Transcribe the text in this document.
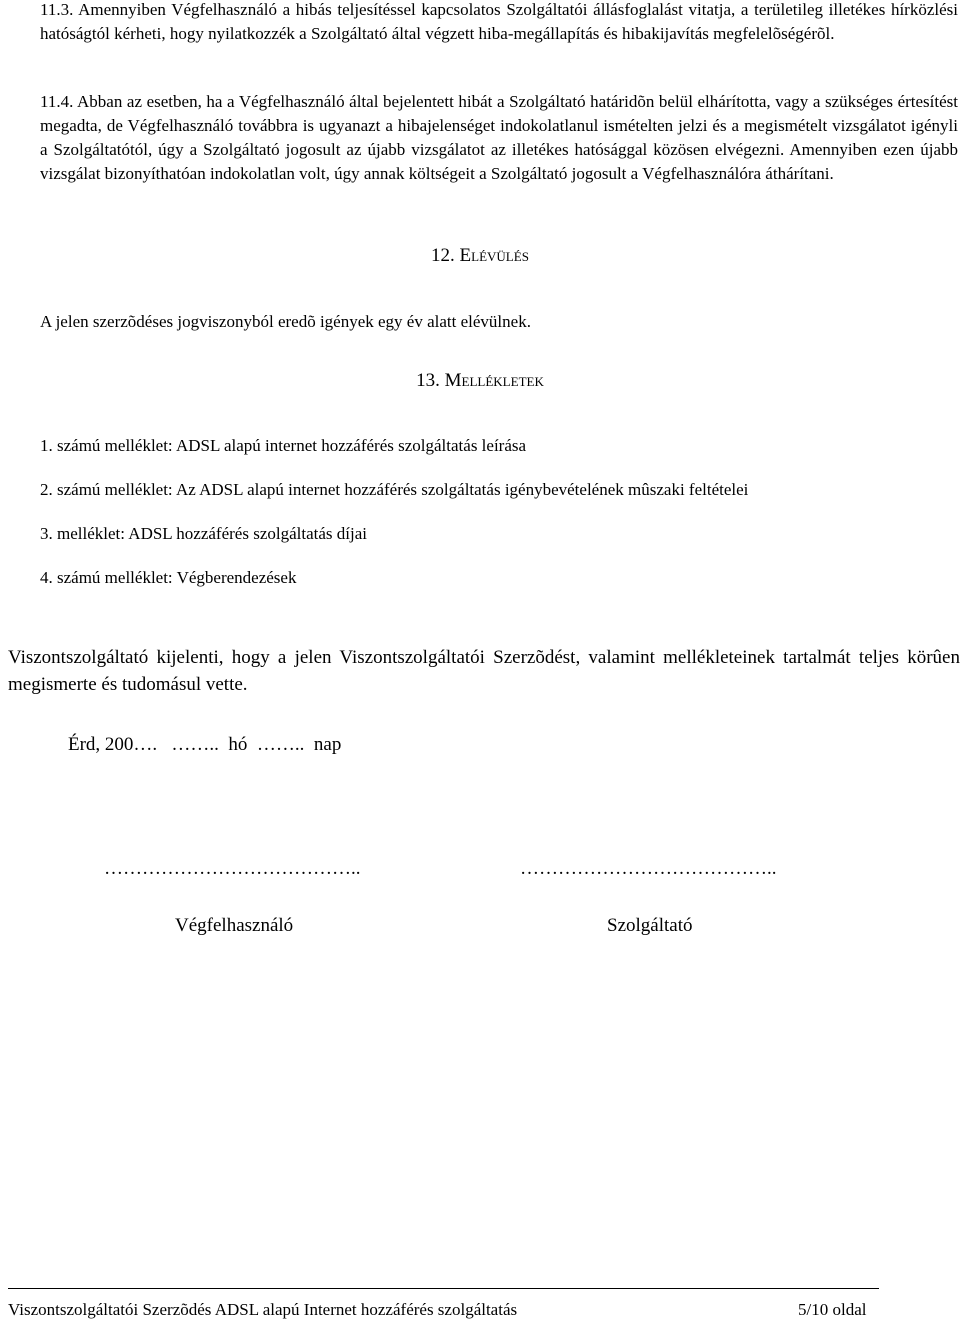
11.3. Amennyiben Végfelhasználó a hibás teljesítéssel kapcsolatos Szolgáltatói állásfoglalást vitatja, a területileg illetékes hírközlési hatóságtól kérheti, hogy nyilatkozzék a Szolgáltató által végzett hiba-megállapítás és hibakijavítás megfelelõségérõl.
11.4. Abban az esetben, ha a Végfelhasználó által bejelentett hibát a Szolgáltató határidõn belül elhárította, vagy a szükséges értesítést megadta, de Végfelhasználó továbbra is ugyanazt a hibajelenséget indokolatlanul ismételten jelzi és a megismételt vizsgálatot igényli a Szolgáltatótól, úgy a Szolgáltató jogosult az újabb vizsgálatot az illetékes hatósággal közösen elvégezni. Amennyiben ezen újabb vizsgálat bizonyíthatóan indokolatlan volt, úgy annak költségeit a Szolgáltató jogosult a Végfelhasználóra áthárítani.
12. Elévülés
A jelen szerzõdéses jogviszonyból eredõ igények egy év alatt elévülnek.
13. Mellékletek
1. számú melléklet: ADSL alapú internet hozzáférés szolgáltatás leírása
2. számú melléklet: Az ADSL alapú internet hozzáférés szolgáltatás igénybevételének mûszaki feltételei
3. melléklet: ADSL hozzáférés szolgáltatás díjai
4. számú melléklet: Végberendezések
Viszontszolgáltató kijelenti, hogy a jelen Viszontszolgáltatói Szerzõdést, valamint mellékleteinek tartalmát teljes körûen megismerte és tudomásul vette.
Érd, 200….   ……..  hó  ……..  nap
…………………………………..	…………………………………..
Végfelhasználó	Szolgáltató
Viszontszolgáltatói Szerzõdés ADSL alapú Internet hozzáférés szolgáltatás	5/10 oldal
